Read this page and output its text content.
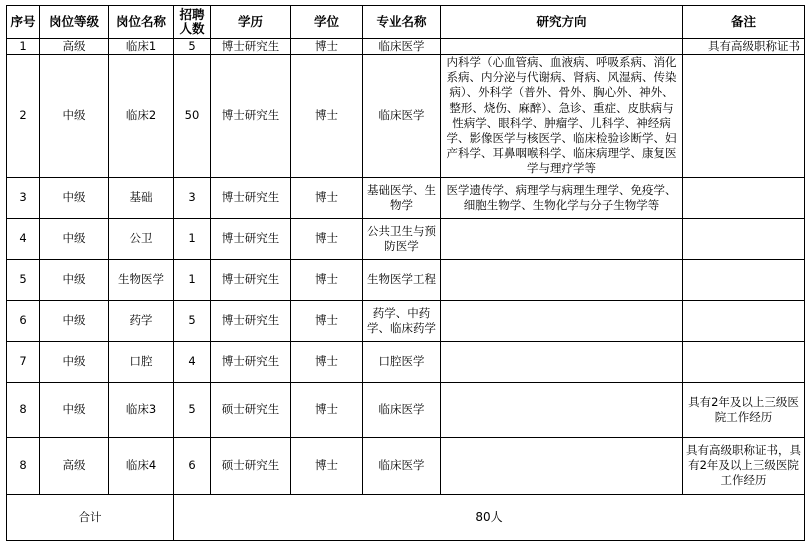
序号	岗位等级	岗位名称	招聘人数	学历	学位	专业名称	研究方向	备注
1	高级	临床1	5	博士研究生	博士	临床医学		具有高级职称证书
2	中级	临床2	50	博士研究生	博士	临床医学	内科学（心血管病、血液病、呼吸系病、消化系病、内分泌与代谢病、肾病、风湿病、传染病）、外科学（普外、骨外、胸心外、神外、整形、烧伤、麻醉）、急诊、重症、皮肤病与性病学、眼科学、肿瘤学、儿科学、神经病学、影像医学与核医学、临床检验诊断学、妇产科学、耳鼻咽喉科学、临床病理学、康复医学与理疗学等	
3	中级	基础	3	博士研究生	博士	基础医学、生物学	医学遗传学、病理学与病理生理学、免疫学、细胞生物学、生物化学与分子生物学等	
4	中级	公卫	1	博士研究生	博士	公共卫生与预防医学		
5	中级	生物医学	1	博士研究生	博士	生物医学工程		
6	中级	药学	5	博士研究生	博士	药学、中药学、临床药学		
7	中级	口腔	4	博士研究生	博士	口腔医学		
8	中级	临床3	5	硕士研究生	博士	临床医学		具有2年及以上三级医院工作经历
8	高级	临床4	6	硕士研究生	博士	临床医学		具有高级职称证书，具有2年及以上三级医院工作经历
合计			80人					
